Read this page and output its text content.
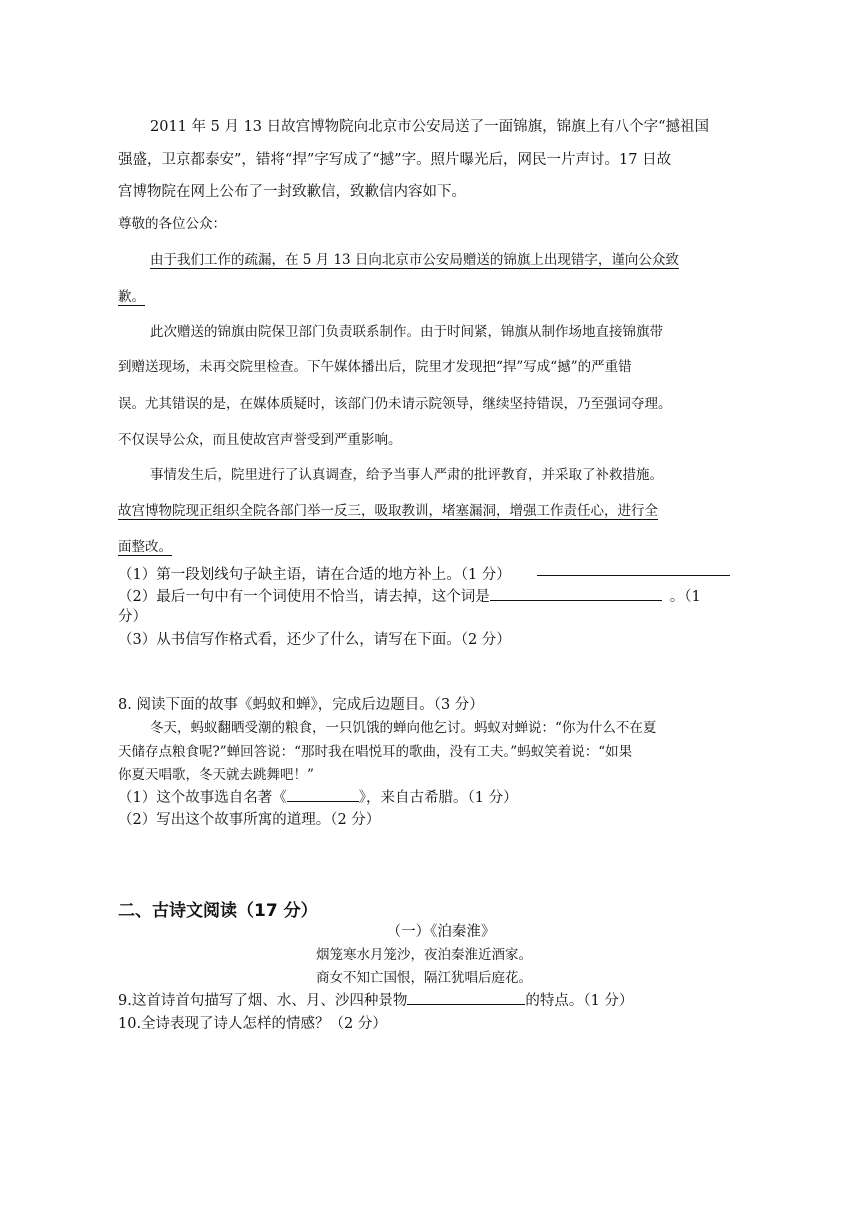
2011 年 5 月 13 日故宫博物院向北京市公安局送了一面锦旗，锦旗上有八个字“撼祖国
强盛，卫京都泰安”，错将“捍”字写成了“撼”字。照片曝光后，网民一片声讨。17 日故
宫博物院在网上公布了一封致歉信，致歉信内容如下。
尊敬的各位公众：
由于我们工作的疏漏，在 5 月 13 日向北京市公安局赠送的锦旗上出现错字，谨向公众致
歉。
此次赠送的锦旗由院保卫部门负责联系制作。由于时间紧，锦旗从制作场地直接锦旗带
到赠送现场，未再交院里检查。下午媒体播出后，院里才发现把“捍”写成“撼”的严重错
误。尤其错误的是，在媒体质疑时，该部门仍未请示院领导，继续坚持错误，乃至强词夺理。
不仅误导公众，而且使故宫声誉受到严重影响。
事情发生后，院里进行了认真调查，给予当事人严肃的批评教育，并采取了补救措施。
故宫博物院现正组织全院各部门举一反三，吸取教训，堵塞漏洞，增强工作责任心，进行全
面整改。
（1）第一段划线句子缺主语，请在合适的地方补上。（1 分）
（2）最后一句中有一个词使用不恰当，请去掉，这个词是	。（1
分）
（3）从书信写作格式看，还少了什么，请写在下面。（2 分）
8. 阅读下面的故事《蚂蚁和蝉》，完成后边题目。（3 分）
冬天，蚂蚁翻晒受潮的粮食，一只饥饿的蝉向他乞讨。蚂蚁对蝉说：“你为什么不在夏
天储存点粮食呢?”蝉回答说：“那时我在唱悦耳的歌曲，没有工夫。”蚂蚁笑着说：“如果
你夏天唱歌，冬天就去跳舞吧！”
（1）这个故事选自名著《	》，来自古希腊。（1 分）
（2）写出这个故事所寓的道理。（2 分）
二、古诗文阅读（17 分）
（一）《泊秦淮》
烟笼寒水月笼沙，夜泊秦淮近酒家。
商女不知亡国恨，隔江犹唱后庭花。
9.这首诗首句描写了烟、水、月、沙四种景物	的特点。（1 分）
10.全诗表现了诗人怎样的情感？（2 分）
